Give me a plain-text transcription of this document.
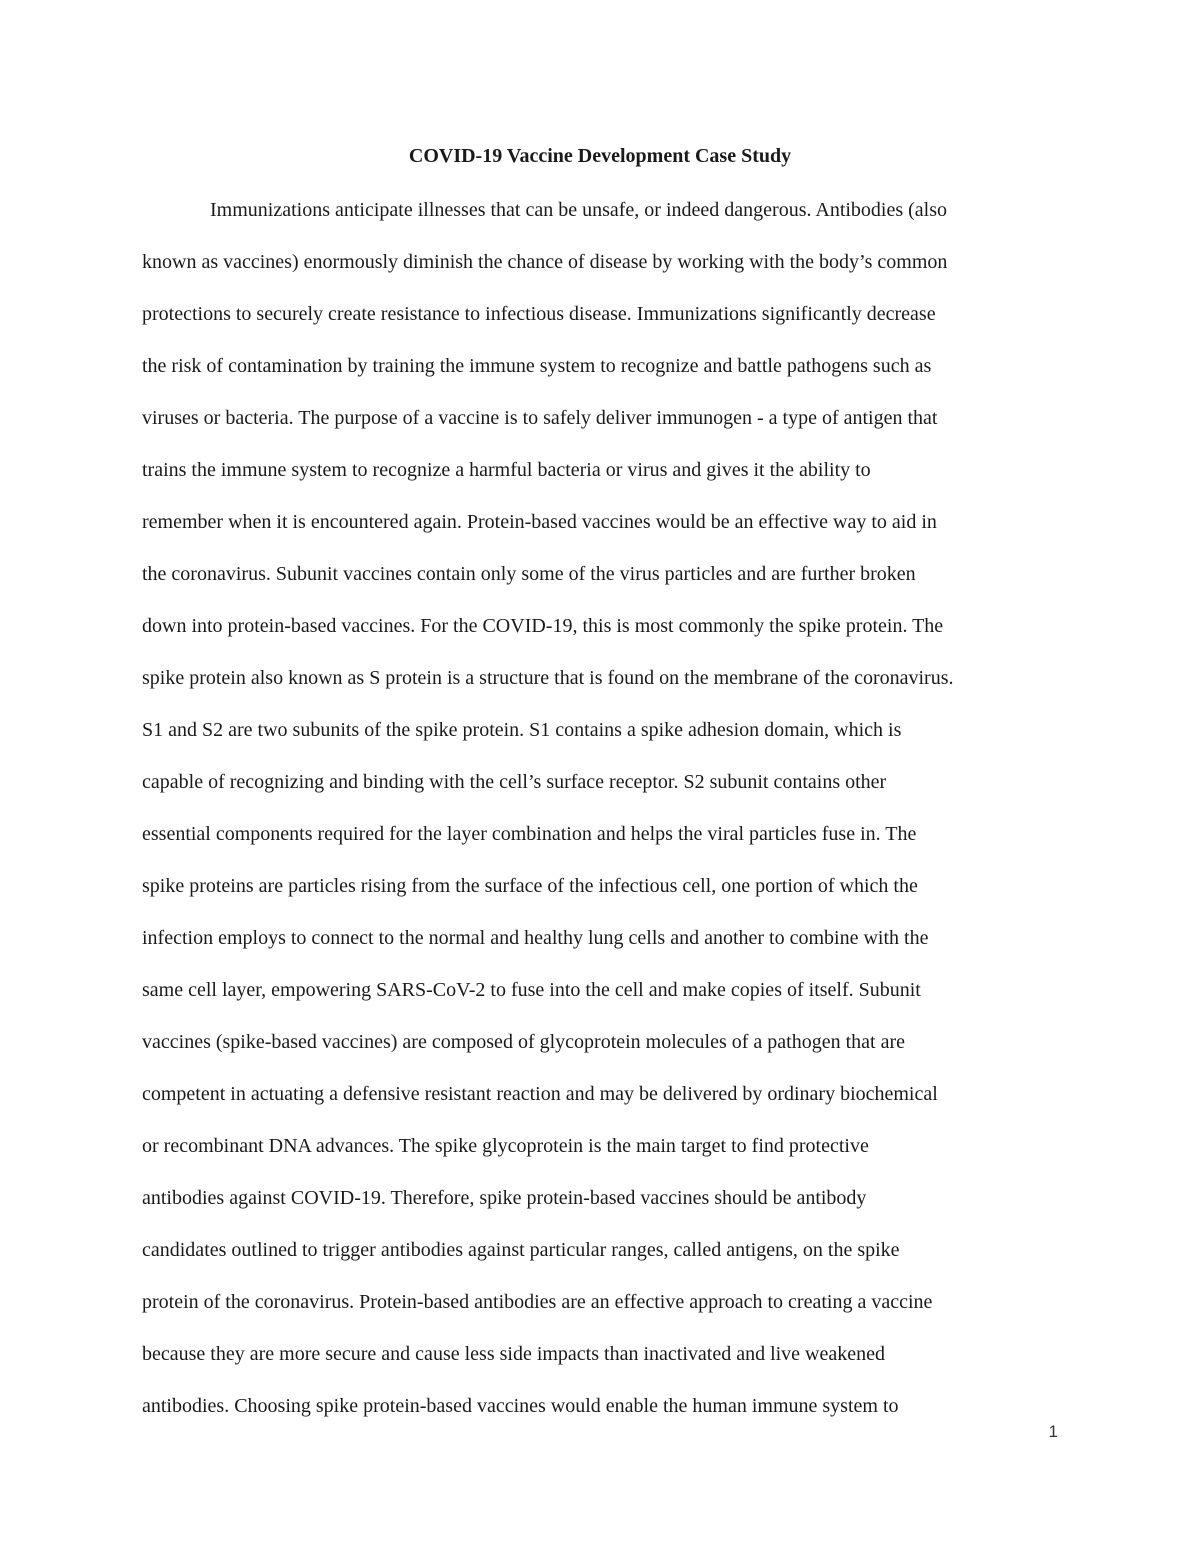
COVID-19 Vaccine Development Case Study
Immunizations anticipate illnesses that can be unsafe, or indeed dangerous. Antibodies (also
known as vaccines) enormously diminish the chance of disease by working with the body’s common
protections to securely create resistance to infectious disease. Immunizations significantly decrease
the risk of contamination by training the immune system to recognize and battle pathogens such as
viruses or bacteria. The purpose of a vaccine is to safely deliver immunogen - a type of antigen that
trains the immune system to recognize a harmful bacteria or virus and gives it the ability to
remember when it is encountered again. Protein-based vaccines would be an effective way to aid in
the coronavirus. Subunit vaccines contain only some of the virus particles and are further broken
down into protein-based vaccines. For the COVID-19, this is most commonly the spike protein. The
spike protein also known as S protein is a structure that is found on the membrane of the coronavirus.
S1 and S2 are two subunits of the spike protein. S1 contains a spike adhesion domain, which is
capable of recognizing and binding with the cell’s surface receptor. S2 subunit contains other
essential components required for the layer combination and helps the viral particles fuse in. The
spike proteins are particles rising from the surface of the infectious cell, one portion of which the
infection employs to connect to the normal and healthy lung cells and another to combine with the
same cell layer, empowering SARS-CoV-2 to fuse into the cell and make copies of itself. Subunit
vaccines (spike-based vaccines) are composed of glycoprotein molecules of a pathogen that are
competent in actuating a defensive resistant reaction and may be delivered by ordinary biochemical
or recombinant DNA advances. The spike glycoprotein is the main target to find protective
antibodies against COVID-19. Therefore, spike protein-based vaccines should be antibody
candidates outlined to trigger antibodies against particular ranges, called antigens, on the spike
protein of the coronavirus. Protein-based antibodies are an effective approach to creating a vaccine
because they are more secure and cause less side impacts than inactivated and live weakened
antibodies. Choosing spike protein-based vaccines would enable the human immune system to
1
